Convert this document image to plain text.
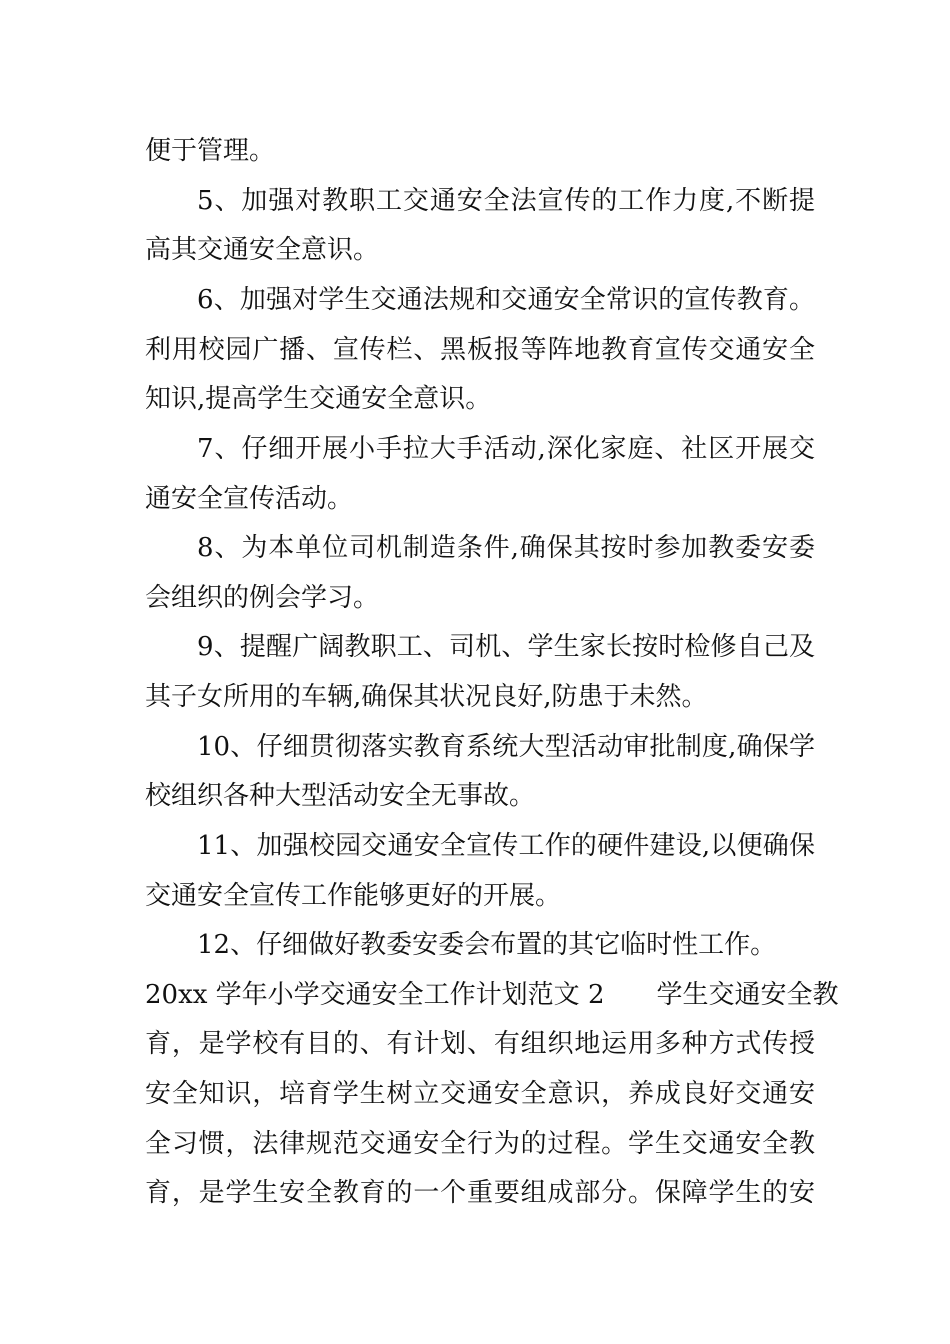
便于管理。
5、加强对教职工交通安全法宣传的工作力度,不断提
高其交通安全意识。
6、加强对学生交通法规和交通安全常识的宣传教育。
利用校园广播、宣传栏、黑板报等阵地教育宣传交通安全
知识,提高学生交通安全意识。
7、仔细开展小手拉大手活动,深化家庭、社区开展交
通安全宣传活动。
8、为本单位司机制造条件,确保其按时参加教委安委
会组织的例会学习。
9、提醒广阔教职工、司机、学生家长按时检修自己及
其子女所用的车辆,确保其状况良好,防患于未然。
10、仔细贯彻落实教育系统大型活动审批制度,确保学
校组织各种大型活动安全无事故。
11、加强校园交通安全宣传工作的硬件建设,以便确保
交通安全宣传工作能够更好的开展。
12、仔细做好教委安委会布置的其它临时性工作。
20xx 学年小学交通安全工作计划范文 2　　学生交通安全教
育，是学校有目的、有计划、有组织地运用多种方式传授
安全知识，培育学生树立交通安全意识，养成良好交通安
全习惯，法律规范交通安全行为的过程。学生交通安全教
育，是学生安全教育的一个重要组成部分。保障学生的安
